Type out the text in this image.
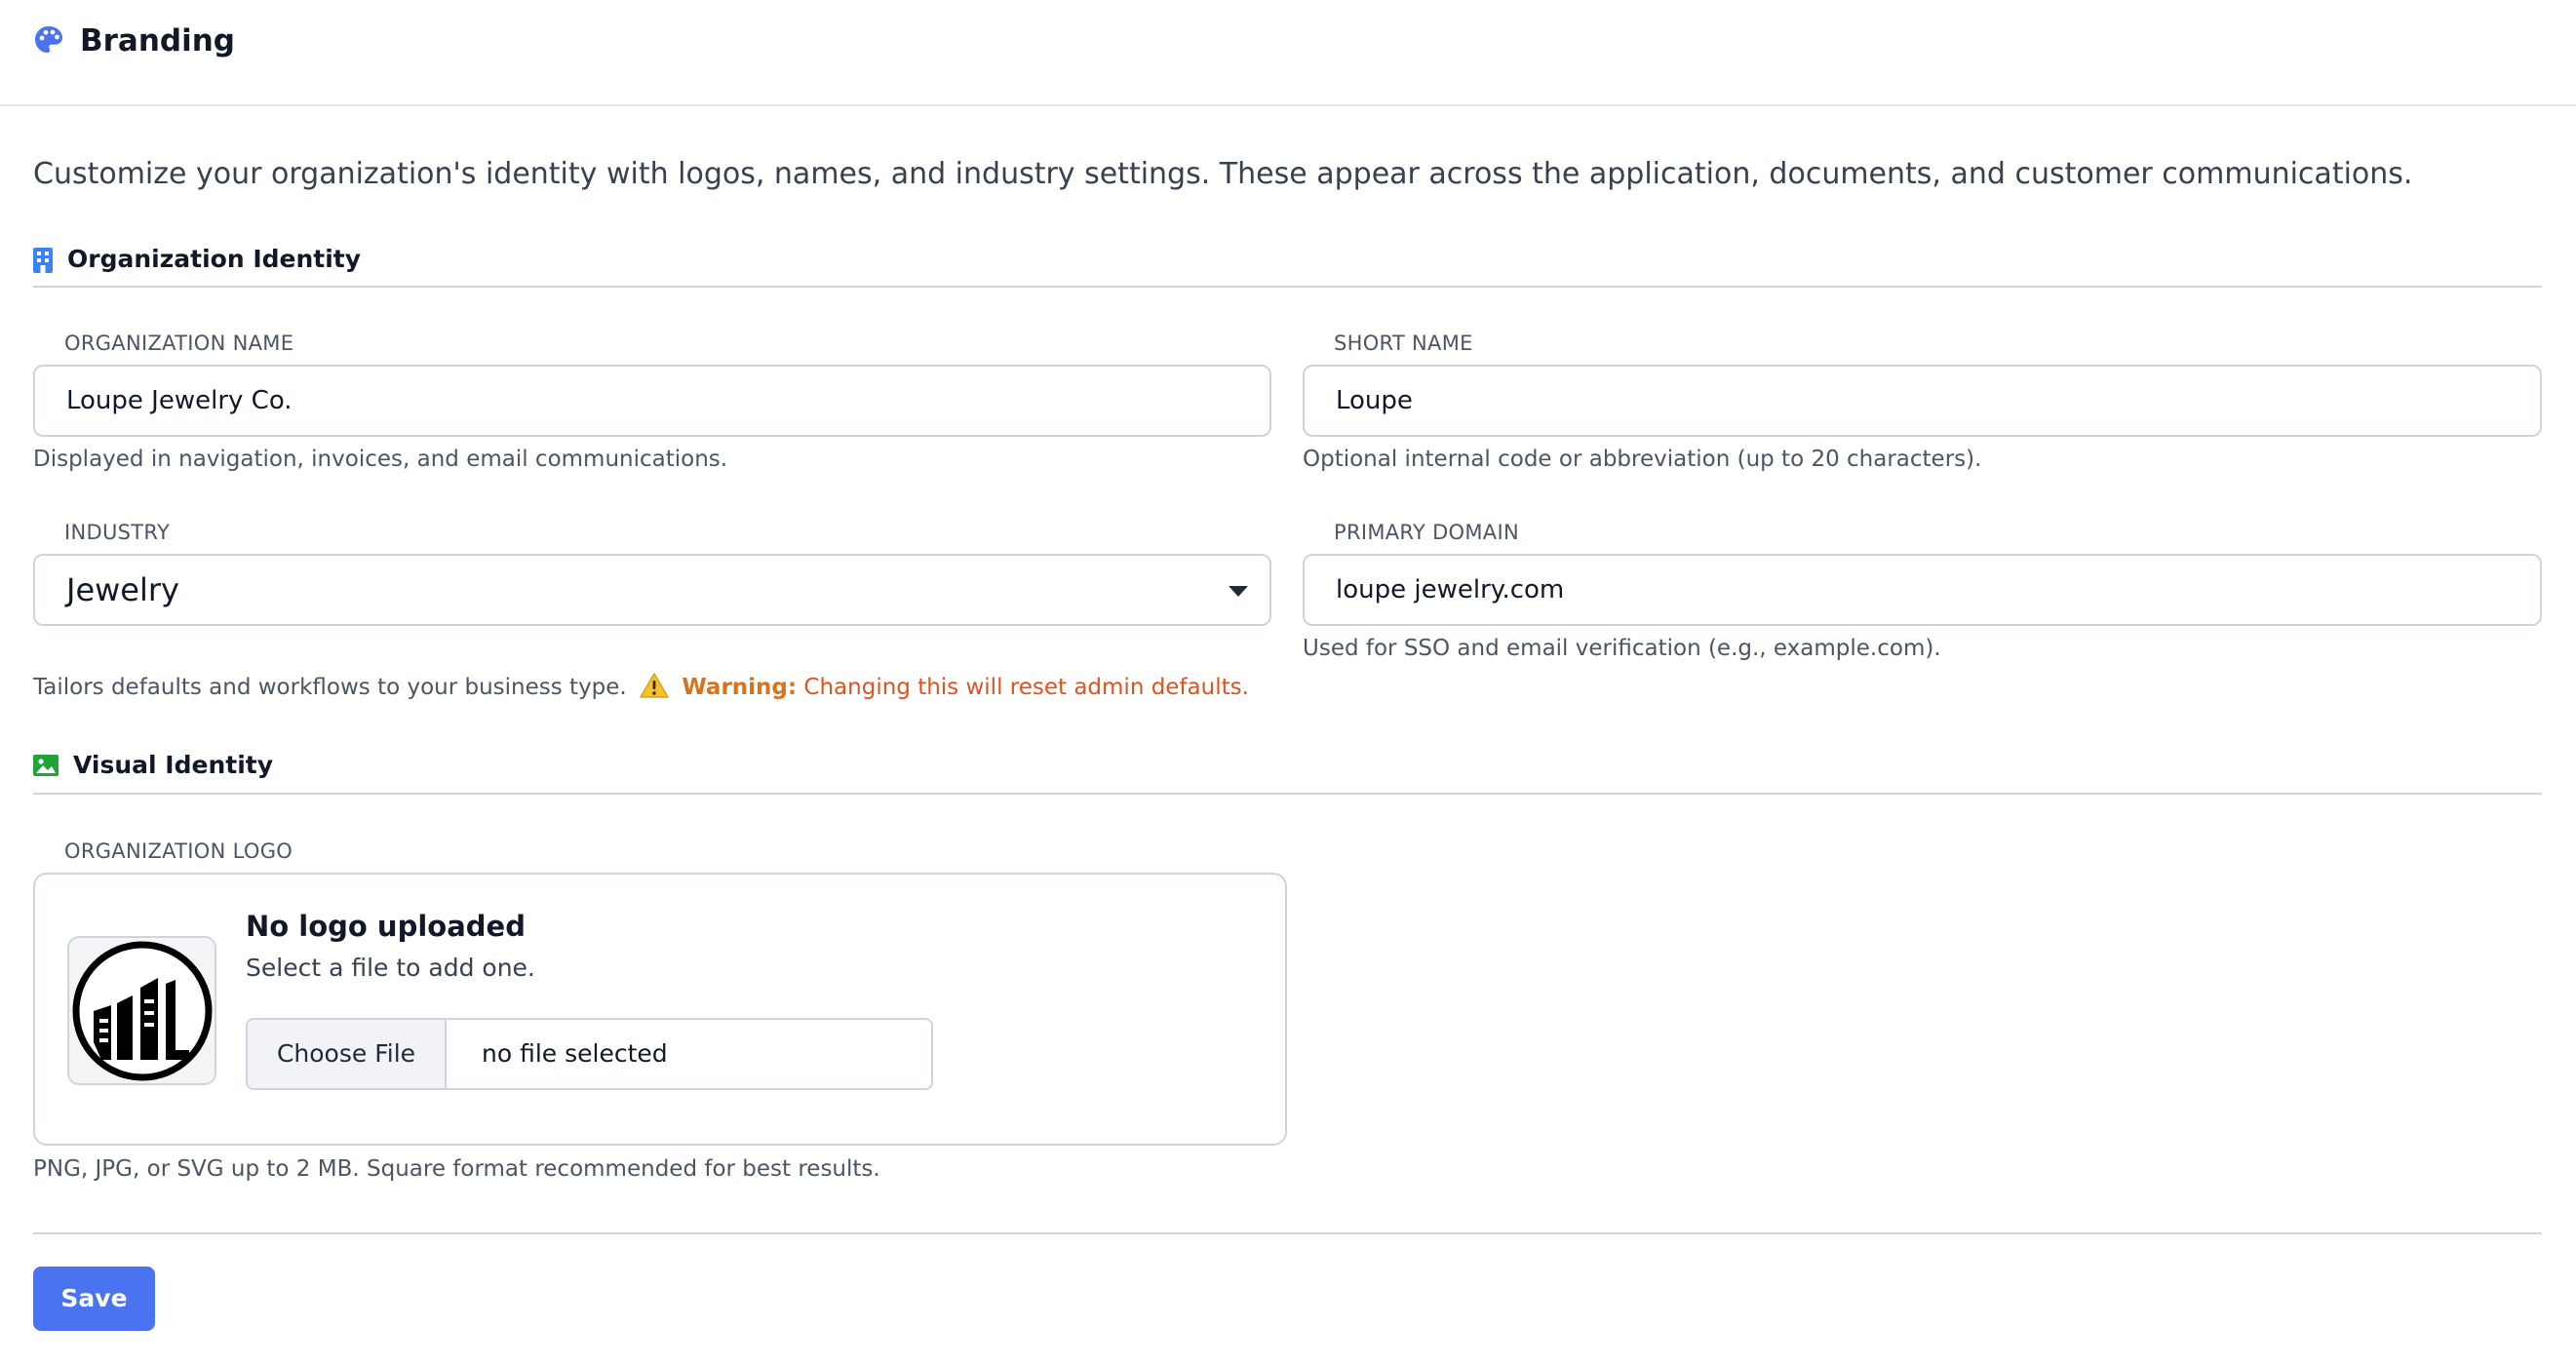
Branding
Customize your organization's identity with logos, names, and industry settings. These appear across the application, documents, and customer communications.
Organization Identity
ORGANIZATION NAME
Loupe Jewelry Co.
Displayed in navigation, invoices, and email communications.
SHORT NAME
Loupe
Optional internal code or abbreviation (up to 20 characters).
INDUSTRY
Jewelry
Tailors defaults and workflows to your business type. Warning: Changing this will reset admin defaults.
PRIMARY DOMAIN
loupe jewelry.com
Used for SSO and email verification (e.g., example.com).
Visual Identity
ORGANIZATION LOGO
No logo uploaded
Select a file to add one.
Choose File	no file selected
PNG, JPG, or SVG up to 2 MB. Square format recommended for best results.
Save
